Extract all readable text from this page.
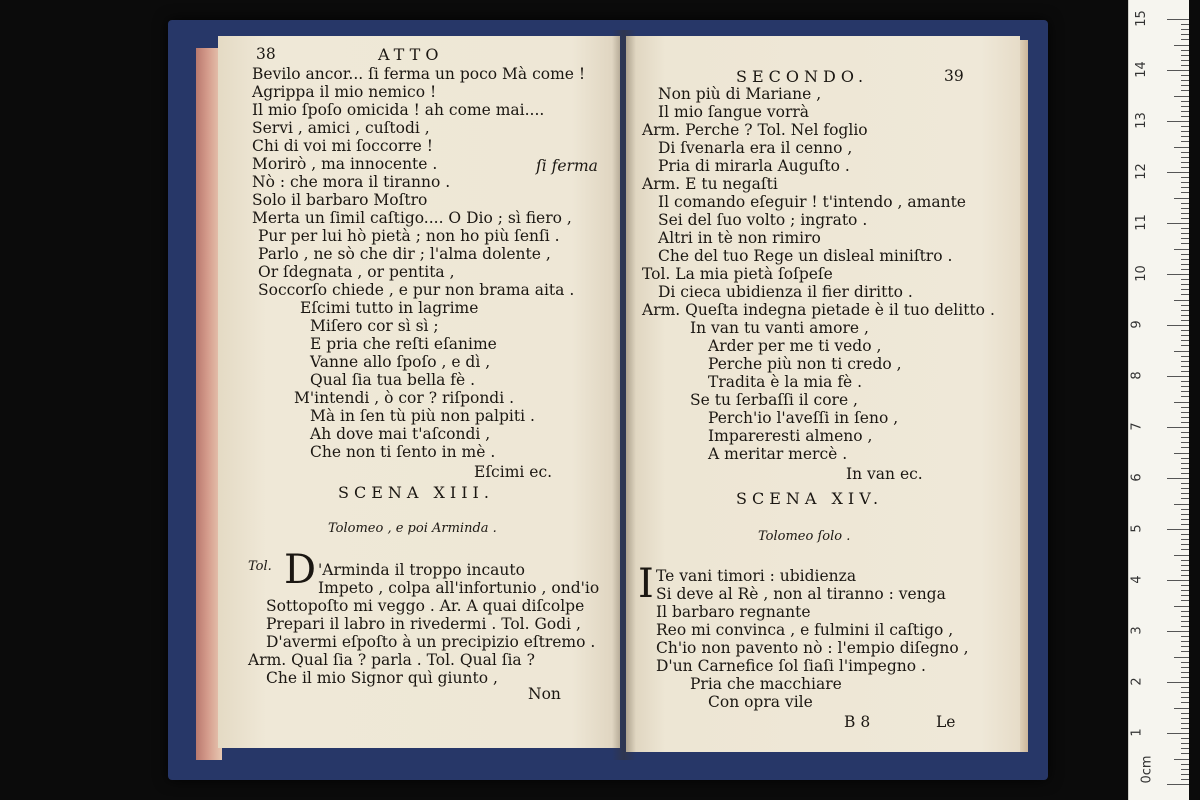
38	ATTO
Bevilo ancor... ſi ferma un poco Mà come !
Agrippa il mio nemico !
Il mio ſpoſo omicida ! ah come mai....
Servi , amici , cuſtodi ,
Chi di voi mi ſoccorre !
Morirò , ma innocente .	ſi ferma
Nò : che mora il tiranno .
Solo il barbaro Moſtro
Merta un ſimil caſtigo.... O Dio ; sì fiero ,
Pur per lui hò pietà ; non ho più ſenſi .
Parlo , ne sò che dir ; l'alma dolente ,
Or ſdegnata , or pentita ,
Soccorſo chiede , e pur non brama aita .
Eſcimi tutto in lagrime
Miſero cor sì sì ;
E pria che reſti eſanime
Vanne allo ſpoſo , e dì ,
Qual ſia tua bella fè .
M'intendi , ò cor ? riſpondi .
Mà in ſen tù più non palpiti .
Ah dove mai t'aſcondi ,
Che non ti ſento in mè .
Eſcimi ec.
SCENA XIII.
Tolomeo , e poi Arminda .
Tol. D 'Arminda il troppo incauto
Impeto , colpa all'infortunio , ond'io
Sottopoſto mi veggo . Ar. A quai diſcolpe
Prepari il labro in rivedermi . Tol. Godi ,
D'avermi eſpoſto à un precipizio eſtremo .
Arm. Qual ſia ? parla . Tol. Qual ſia ?
Che il mio Signor quì giunto ,
Non
SECONDO.	39
Non più di Mariane ,
Il mio ſangue vorrà
Arm. Perche ? Tol. Nel foglio
Di ſvenarla era il cenno ,
Pria di mirarla Auguſto .
Arm. E tu negaſti
Il comando eſeguir ! t'intendo , amante
Sei del ſuo volto ; ingrato .
Altri in tè non rimiro
Che del tuo Rege un disleal miniſtro .
Tol. La mia pietà ſoſpeſe
Di cieca ubidienza il fier diritto .
Arm. Queſta indegna pietade è il tuo delitto .
In van tu vanti amore ,
Arder per me ti vedo ,
Perche più non ti credo ,
Tradita è la mia fè .
Se tu ſerbaſſi il core ,
Perch'io l'aveſſi in ſeno ,
Impareresti almeno ,
A meritar mercè .
In van ec.
SCENA XIV.
Tolomeo ſolo .
I Te vani timori : ubidienza
Si deve al Rè , non al tiranno : venga
Il barbaro regnante
Reo mi convinca , e fulmini il caſtigo ,
Ch'io non pavento nò : l'empio diſegno ,
D'un Carnefice ſol ſiaſi l'impegno .
Pria che macchiare
Con opra vile
B 8	Le
0cm
1
2
3
4
5
6
7
8
9
10
11
12
13
14
15
